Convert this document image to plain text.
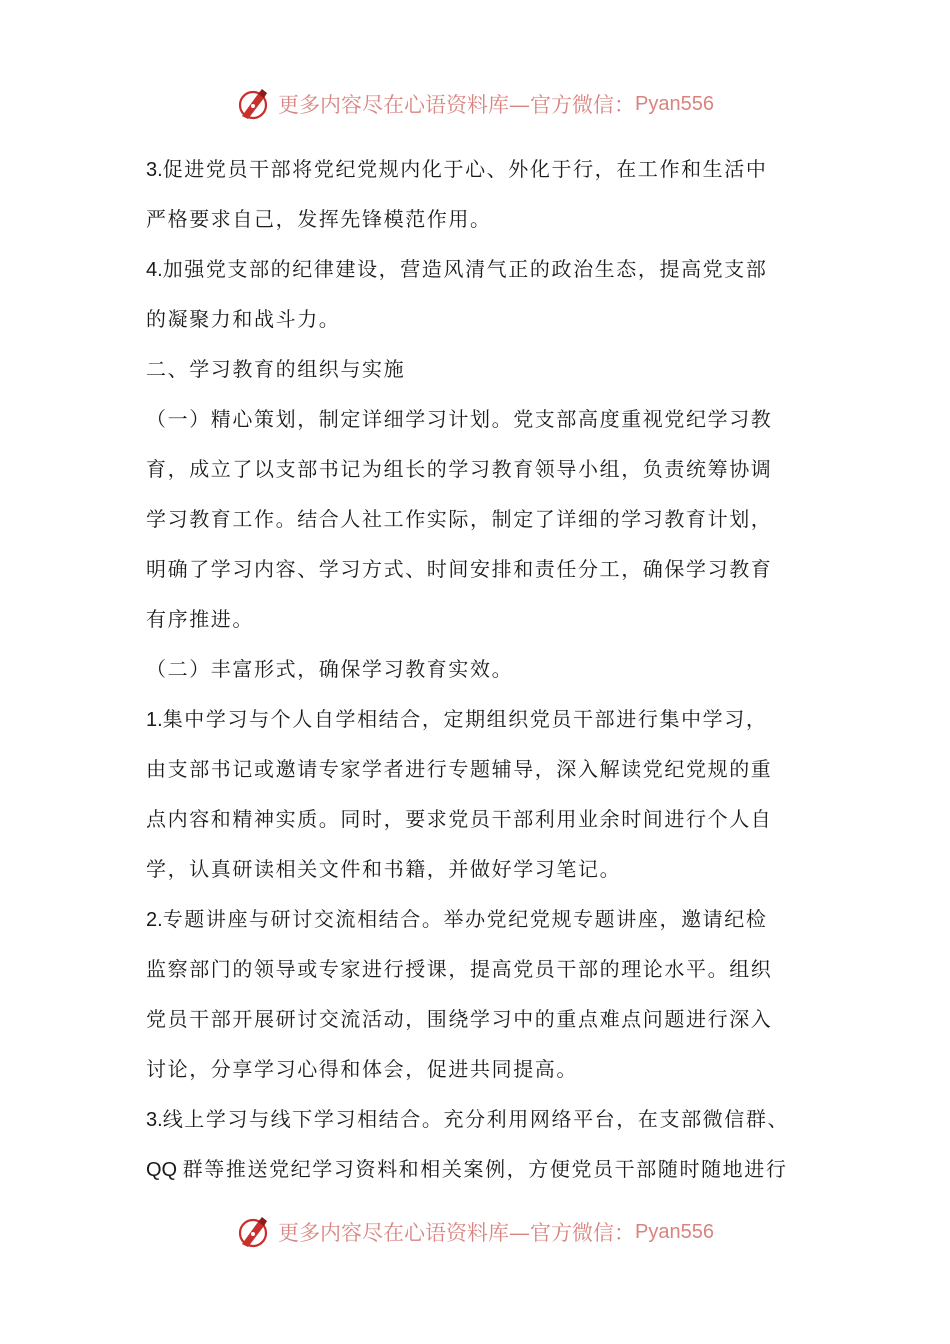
更多内容尽在心语资料库—官方微信： Pyan556
3.促进党员干部将党纪党规内化于心、外化于行，在工作和生活中
严格要求自己，发挥先锋模范作用。
4.加强党支部的纪律建设，营造风清气正的政治生态，提高党支部
的凝聚力和战斗力。
二、学习教育的组织与实施
（一）精心策划，制定详细学习计划。党支部高度重视党纪学习教
育，成立了以支部书记为组长的学习教育领导小组，负责统筹协调
学习教育工作。结合人社工作实际，制定了详细的学习教育计划，
明确了学习内容、学习方式、时间安排和责任分工，确保学习教育
有序推进。
（二）丰富形式，确保学习教育实效。
1.集中学习与个人自学相结合，定期组织党员干部进行集中学习，
由支部书记或邀请专家学者进行专题辅导，深入解读党纪党规的重
点内容和精神实质。同时，要求党员干部利用业余时间进行个人自
学，认真研读相关文件和书籍，并做好学习笔记。
2.专题讲座与研讨交流相结合。举办党纪党规专题讲座，邀请纪检
监察部门的领导或专家进行授课，提高党员干部的理论水平。组织
党员干部开展研讨交流活动，围绕学习中的重点难点问题进行深入
讨论，分享学习心得和体会，促进共同提高。
3.线上学习与线下学习相结合。充分利用网络平台，在支部微信群、
QQ 群等推送党纪学习资料和相关案例，方便党员干部随时随地进行
更多内容尽在心语资料库—官方微信： Pyan556
